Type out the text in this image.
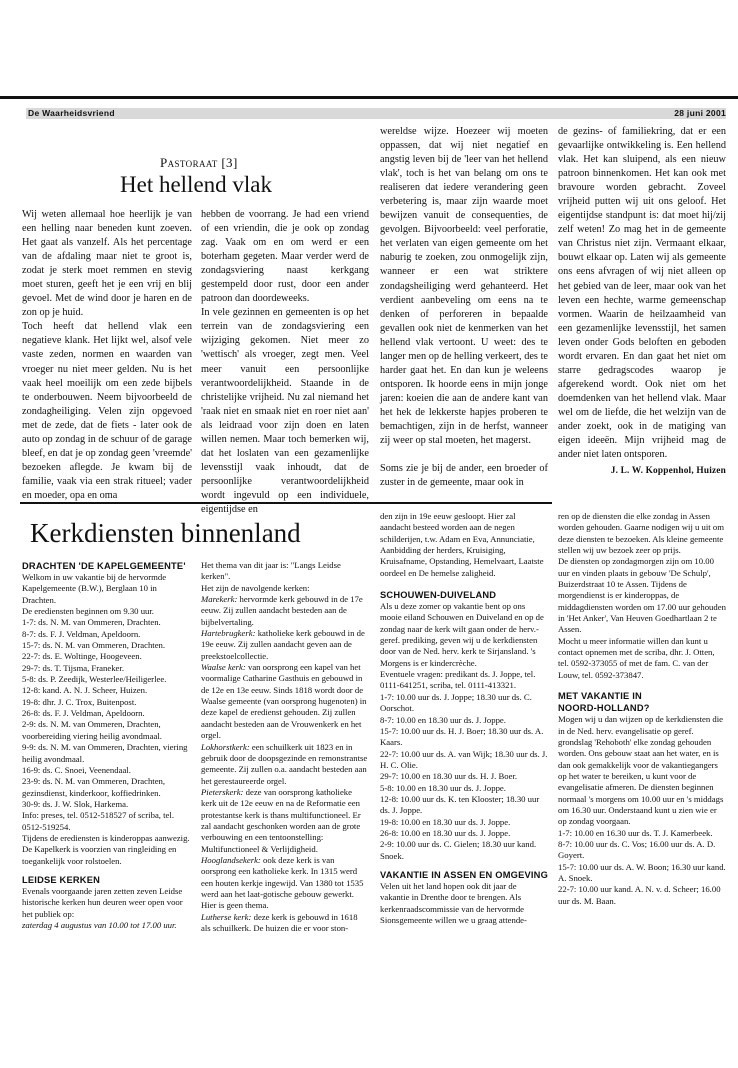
De Waarheidsvriend	28 juni 2001
Pastoraat [3]
Het hellend vlak

Wij weten allemaal hoe heerlijk je van een helling naar beneden kunt zoeven. Het gaat als vanzelf. Als het percentage van de afdaling maar niet te groot is, zodat je sterk moet remmen en stevig moet sturen, geeft het je een vrij en blij gevoel. Met de wind door je haren en de zon op je huid.

Toch heeft dat hellend vlak een negatieve klank. Het lijkt wel, alsof vele vaste zeden, normen en waarden van vroeger nu niet meer gelden. Nu is het vaak heel moeilijk om een zede bijbels te onderbouwen. Neem bijvoorbeeld de zondagheiliging. Velen zijn opgevoed met de zede, dat de fiets - later ook de auto op zondag in de schuur of de garage bleef, en dat je op zondag geen 'vreemde' bezoeken aflegde. Je kwam bij de familie, vaak via een strak ritueel; vader en moeder, opa en oma

hebben de voorrang. Je had een vriend of een vriendin, die je ook op zondag zag. Vaak om en om werd er een boterham gegeten. Maar verder werd de zondagsviering naast kerkgang gestempeld door rust, door een ander patroon dan doordeweeks.

In vele gezinnen en gemeenten is op het terrein van de zondagsviering een wijziging gekomen. Niet meer zo 'wettisch' als vroeger, zegt men. Veel meer vanuit een persoonlijke verantwoordelijkheid. Staande in de christelijke vrijheid. Nu zal niemand het 'raak niet en smaak niet en roer niet aan' als leidraad voor zijn doen en laten willen nemen. Maar toch bemerken wij, dat het loslaten van een gezamenlijke levensstijl vaak inhoudt, dat de persoonlijke verantwoordelijkheid wordt ingevuld op een individuele, eigentijdse en

wereldse wijze. Hoezeer wij moeten oppassen, dat wij niet negatief en angstig leven bij de 'leer van het hellend vlak', toch is het van belang om ons te realiseren dat iedere verandering geen verbetering is, maar zijn waarde moet bewijzen vanuit de consequenties, de gevolgen. Bijvoorbeeld: veel perforatie, het verlaten van eigen gemeente om het naburig te zoeken, zou onmogelijk zijn, wanneer er een wat striktere zondagsheiliging werd gehanteerd. Het verdient aanbeveling om eens na te denken of perforeren in bepaalde gevallen ook niet de kenmerken van het hellend vlak vertoont. U weet: des te langer men op de helling verkeert, des te harder gaat het. En dan kun je weleens ontsporen. Ik hoorde eens in mijn jonge jaren: koeien die aan de andere kant van het hek de lekkerste hapjes proberen te bemachtigen, zijn in de herfst, wanneer zij weer op stal moeten, het magerst.

Soms zie je bij de ander, een broeder of zuster in de gemeente, maar ook in

de gezins- of familiekring, dat er een gevaarlijke ontwikkeling is. Een hellend vlak. Het kan sluipend, als een nieuw patroon binnenkomen. Het kan ook met bravoure worden gebracht. Zoveel vrijheid putten wij uit ons geloof. Het eigentijdse standpunt is: dat moet hij/zij zelf weten! Zo mag het in de gemeente van Christus niet zijn. Vermaant elkaar, bouwt elkaar op. Laten wij als gemeente ons eens afvragen of wij niet alleen op het gebied van de leer, maar ook van het leven een hechte, warme gemeenschap vormen. Waarin de heilzaamheid van een gezamenlijke levensstijl, het samen leven onder Gods beloften en geboden wordt ervaren. En dan gaat het niet om starre gedragscodes waarop je afgerekend wordt. Ook niet om het doemdenken van het hellend vlak. Maar wel om de liefde, die het welzijn van de ander zoekt, ook in de matiging van eigen ideeën. Mijn vrijheid mag de ander niet laten ontsporen.

J. L. W. Koppenhol, Huizen
Kerkdiensten binnenland

DRACHTEN 'DE KAPELGEMEENTE'

Welkom in uw vakantie bij de hervormde Kapelgemeente (B.W.), Berglaan 10 in Drachten.

De erediensten beginnen om 9.30 uur.

1-7: ds. N. M. van Ommeren, Drachten.

8-7: ds. F. J. Veldman, Apeldoorn.

15-7: ds. N. M. van Ommeren, Drachten.

22-7: ds. E. Woltinge, Hoogeveen.

29-7: ds. T. Tijsma, Franeker.

5-8: ds. P. Zeedijk, Westerlee/Heiligerlee.

12-8: kand. A. N. J. Scheer, Huizen.

19-8: dhr. J. C. Trox, Buitenpost.

26-8: ds. F. J. Veldman, Apeldoorn.

2-9: ds. N. M. van Ommeren, Drachten, voorbereiding viering heilig avondmaal.

9-9: ds. N. M. van Ommeren, Drachten, viering heilig avondmaal.

16-9: ds. C. Snoei, Veenendaal.

23-9: ds. N. M. van Ommeren, Drachten, gezinsdienst, kinderkoor, koffiedrinken.

30-9: ds. J. W. Slok, Harkema.

Info: preses, tel. 0512-518527 of scriba, tel. 0512-519254.

Tijdens de erediensten is kinderoppas aanwezig. De Kapelkerk is voorzien van ringleiding en toegankelijk voor rolstoelen.

LEIDSE KERKEN

Evenals voorgaande jaren zetten zeven Leidse historische kerken hun deuren weer open voor het publiek op:

zaterdag 4 augustus van 10.00 tot 17.00 uur.

Het thema van dit jaar is: "Langs Leidse kerken".

Het zijn de navolgende kerken:

Marekerk: hervormde kerk gebouwd in de 17e eeuw. Zij zullen aandacht besteden aan de bijbelvertaling.

Hartebrugkerk: katholieke kerk gebouwd in de 19e eeuw. Zij zullen aandacht geven aan de preekstoelcollectie.

Waalse kerk: van oorsprong een kapel van het voormalige Catharine Gasthuis en gebouwd in de 12e en 13e eeuw. Sinds 1818 wordt door de Waalse gemeente (van oorsprong hugenoten) in deze kapel de eredienst gehouden. Zij zullen aandacht besteden aan de Vrouwenkerk en het orgel.

Lokhorstkerk: een schuilkerk uit 1823 en in gebruik door de doopsgezinde en remonstrantse gemeente. Zij zullen o.a. aandacht besteden aan het gerestaureerde orgel.

Pieterskerk: deze van oorsprong katholieke kerk uit de 12e eeuw en na de Reformatie een protestantse kerk is thans multifunctioneel. Er zal aandacht geschonken worden aan de grote verbouwing en een tentoonstelling: Multifunctioneel & Verlijdigheid.

Hooglandsekerk: ook deze kerk is van oorsprong een katholieke kerk. In 1315 werd een houten kerkje ingewijd. Van 1380 tot 1535 werd aan het laat-gotische gebouw gewerkt. Hier is geen thema.

Lutherse kerk: deze kerk is gebouwd in 1618 als schuilkerk. De huizen die er voor ston-

den zijn in 19e eeuw gesloopt. Hier zal aandacht besteed worden aan de negen schilderijen, t.w. Adam en Eva, Annunciatie, Aanbidding der herders, Kruisiging, Kruisafname, Opstanding, Hemelvaart, Laatste oordeel en De hemelse zaligheid.

SCHOUWEN-DUIVELAND

Als u deze zomer op vakantie bent op ons mooie eiland Schouwen en Duiveland en op de zondag naar de kerk wilt gaan onder de herv.-geref. prediking, geven wij u de kerkdiensten door van de Ned. herv. kerk te Sirjansland. 's Morgens is er kindercrèche.

Eventuele vragen: predikant ds. J. Joppe, tel. 0111-641251, scriba, tel. 0111-413321.

1-7: 10.00 uur ds. J. Joppe; 18.30 uur ds. C. Oorschot.

8-7: 10.00 en 18.30 uur ds. J. Joppe.

15-7: 10.00 uur ds. H. J. Boer; 18.30 uur ds. A. Kaars.

22-7: 10.00 uur ds. A. van Wijk; 18.30 uur ds. J. H. C. Olie.

29-7: 10.00 en 18.30 uur ds. H. J. Boer.

5-8: 10.00 en 18.30 uur ds. J. Joppe.

12-8: 10.00 uur ds. K. ten Klooster; 18.30 uur ds. J. Joppe.

19-8: 10.00 en 18.30 uur ds. J. Joppe.

26-8: 10.00 en 18.30 uur ds. J. Joppe.

2-9: 10.00 uur ds. C. Gielen; 18.30 uur kand. Snoek.

VAKANTIE IN ASSEN EN OMGEVING

Velen uit het land hopen ook dit jaar de vakantie in Drenthe door te brengen. Als kerkenraadscommissie van de hervormde Sionsgemeente willen we u graag attende-

ren op de diensten die elke zondag in Assen worden gehouden. Gaarne nodigen wij u uit om deze diensten te bezoeken. Als kleine gemeente stellen wij uw bezoek zeer op prijs.

De diensten op zondagmorgen zijn om 10.00 uur en vinden plaats in gebouw 'De Schulp', Buizerdstraat 10 te Assen. Tijdens de morgendienst is er kinderoppas, de middagdiensten worden om 17.00 uur gehouden in 'Het Anker', Van Heuven Goedhartlaan 2 te Assen.

Mocht u meer informatie willen dan kunt u contact opnemen met de scriba, dhr. J. Otten, tel. 0592-373055 of met de fam. C. van der Louw, tel. 0592-373847.

MET VAKANTIE IN NOORD-HOLLAND?

Mogen wij u dan wijzen op de kerkdiensten die in de Ned. herv. evangelisatie op geref. grondslag 'Rehoboth' elke zondag gehouden worden. Ons gebouw staat aan het water, en is dan ook gemakkelijk voor de vakantiegangers op het water te bereiken, u kunt voor de evangelisatie afmeren. De diensten beginnen normaal 's morgens om 10.00 uur en 's middags om 16.30 uur. Onderstaand kunt u zien wie er op zondag voorgaan.

1-7: 10.00 en 16.30 uur ds. T. J. Kamerbeek.

8-7: 10.00 uur ds. C. Vos; 16.00 uur ds. A. D. Goyert.

15-7: 10.00 uur ds. A. W. Boon; 16.30 uur kand. A. Snoek.

22-7: 10.00 uur kand. A. N. v. d. Scheer; 16.00 uur ds. M. Baan.
